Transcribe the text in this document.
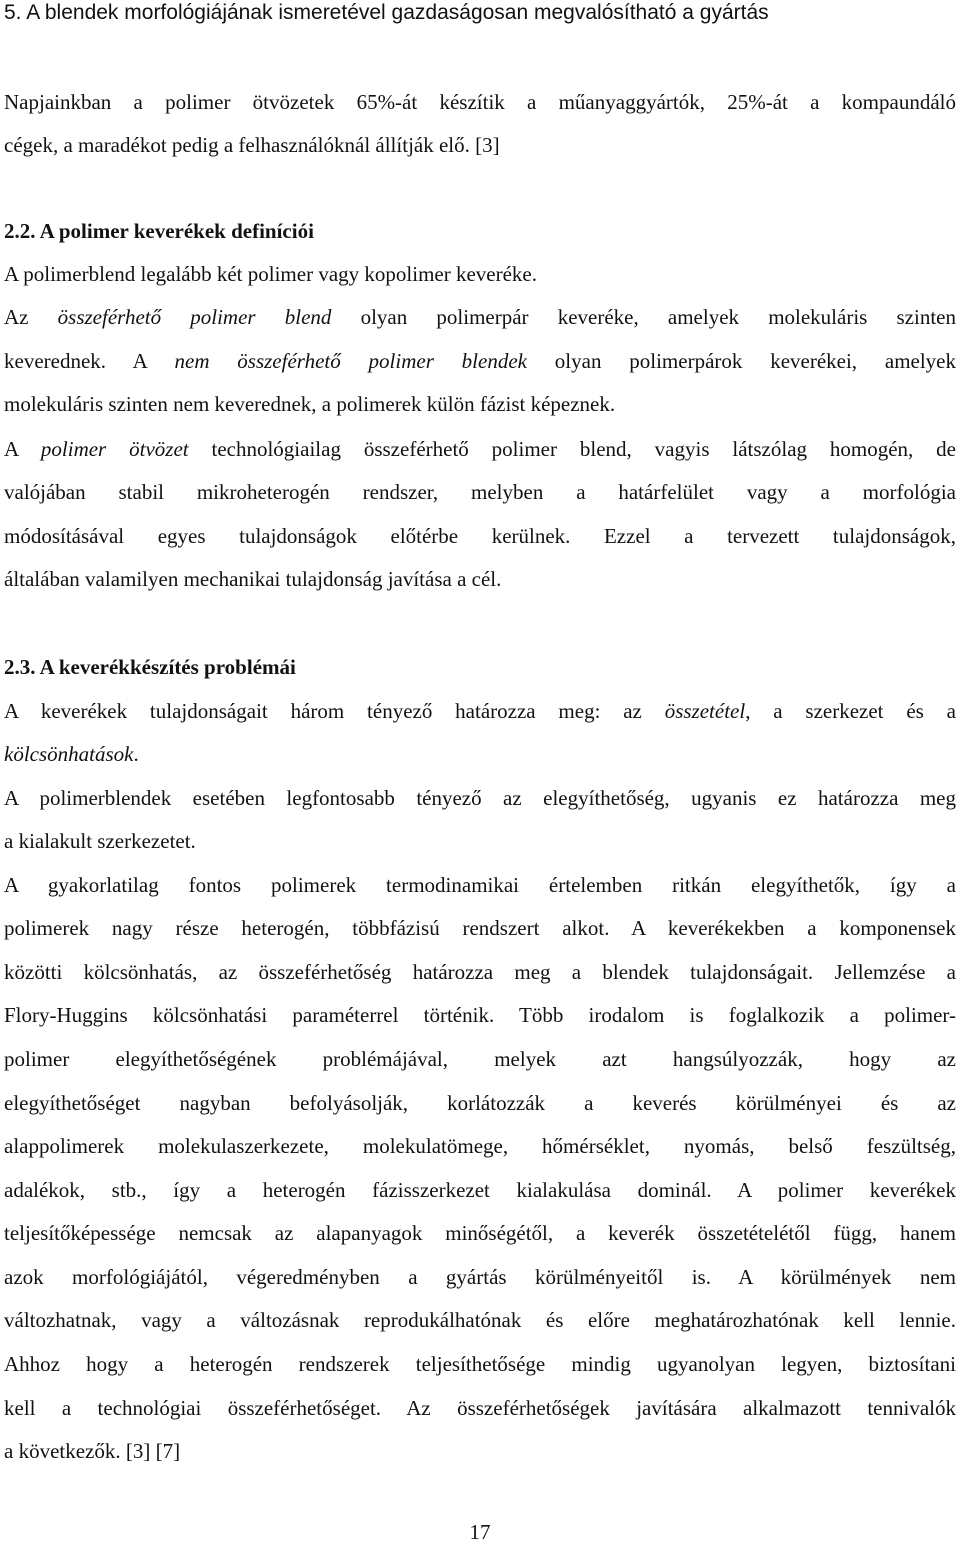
5. A blendek morfológiájának ismeretével gazdaságosan megvalósítható a gyártás
Napjainkban a polimer ötvözetek 65%-át készítik a műanyaggyártók, 25%-át a kompaundáló
cégek, a maradékot pedig a felhasználóknál állítják elő. [3]
2.2. A polimer keverékek definíciói
A polimerblend legalább két polimer vagy kopolimer keveréke.
Az összeférhető polimer blend olyan polimerpár keveréke, amelyek molekuláris szinten
keverednek. A nem összeférhető polimer blendek olyan polimerpárok keverékei, amelyek
molekuláris szinten nem keverednek, a polimerek külön fázist képeznek.
A polimer ötvözet technológiailag összeférhető polimer blend, vagyis látszólag homogén, de
valójában stabil mikroheterogén rendszer, melyben a határfelület vagy a morfológia
módosításával egyes tulajdonságok előtérbe kerülnek. Ezzel a tervezett tulajdonságok,
általában valamilyen mechanikai tulajdonság javítása a cél.
2.3. A keverékkészítés problémái
A keverékek tulajdonságait három tényező határozza meg: az összetétel, a szerkezet és a
kölcsönhatások.
A polimerblendek esetében legfontosabb tényező az elegyíthetőség, ugyanis ez határozza meg
a kialakult szerkezetet.
A gyakorlatilag fontos polimerek termodinamikai értelemben ritkán elegyíthetők, így a
polimerek nagy része heterogén, többfázisú rendszert alkot. A keverékekben a komponensek
közötti kölcsönhatás, az összeférhetőség határozza meg a blendek tulajdonságait. Jellemzése a
Flory-Huggins kölcsönhatási paraméterrel történik. Több irodalom is foglalkozik a polimer-
polimer elegyíthetőségének problémájával, melyek azt hangsúlyozzák, hogy az
elegyíthetőséget nagyban befolyásolják, korlátozzák a keverés körülményei és az
alappolimerek molekulaszerkezete, molekulatömege, hőmérséklet, nyomás, belső feszültség,
adalékok, stb., így a heterogén fázisszerkezet kialakulása dominál. A polimer keverékek
teljesítőképessége nemcsak az alapanyagok minőségétől, a keverék összetételétől függ, hanem
azok morfológiájától, végeredményben a gyártás körülményeitől is. A körülmények nem
változhatnak, vagy a változásnak reprodukálhatónak és előre meghatározhatónak kell lennie.
Ahhoz hogy a heterogén rendszerek teljesíthetősége mindig ugyanolyan legyen, biztosítani
kell a technológiai összeférhetőséget. Az összeférhetőségek javítására alkalmazott tennivalók
a következők. [3] [7]
17
